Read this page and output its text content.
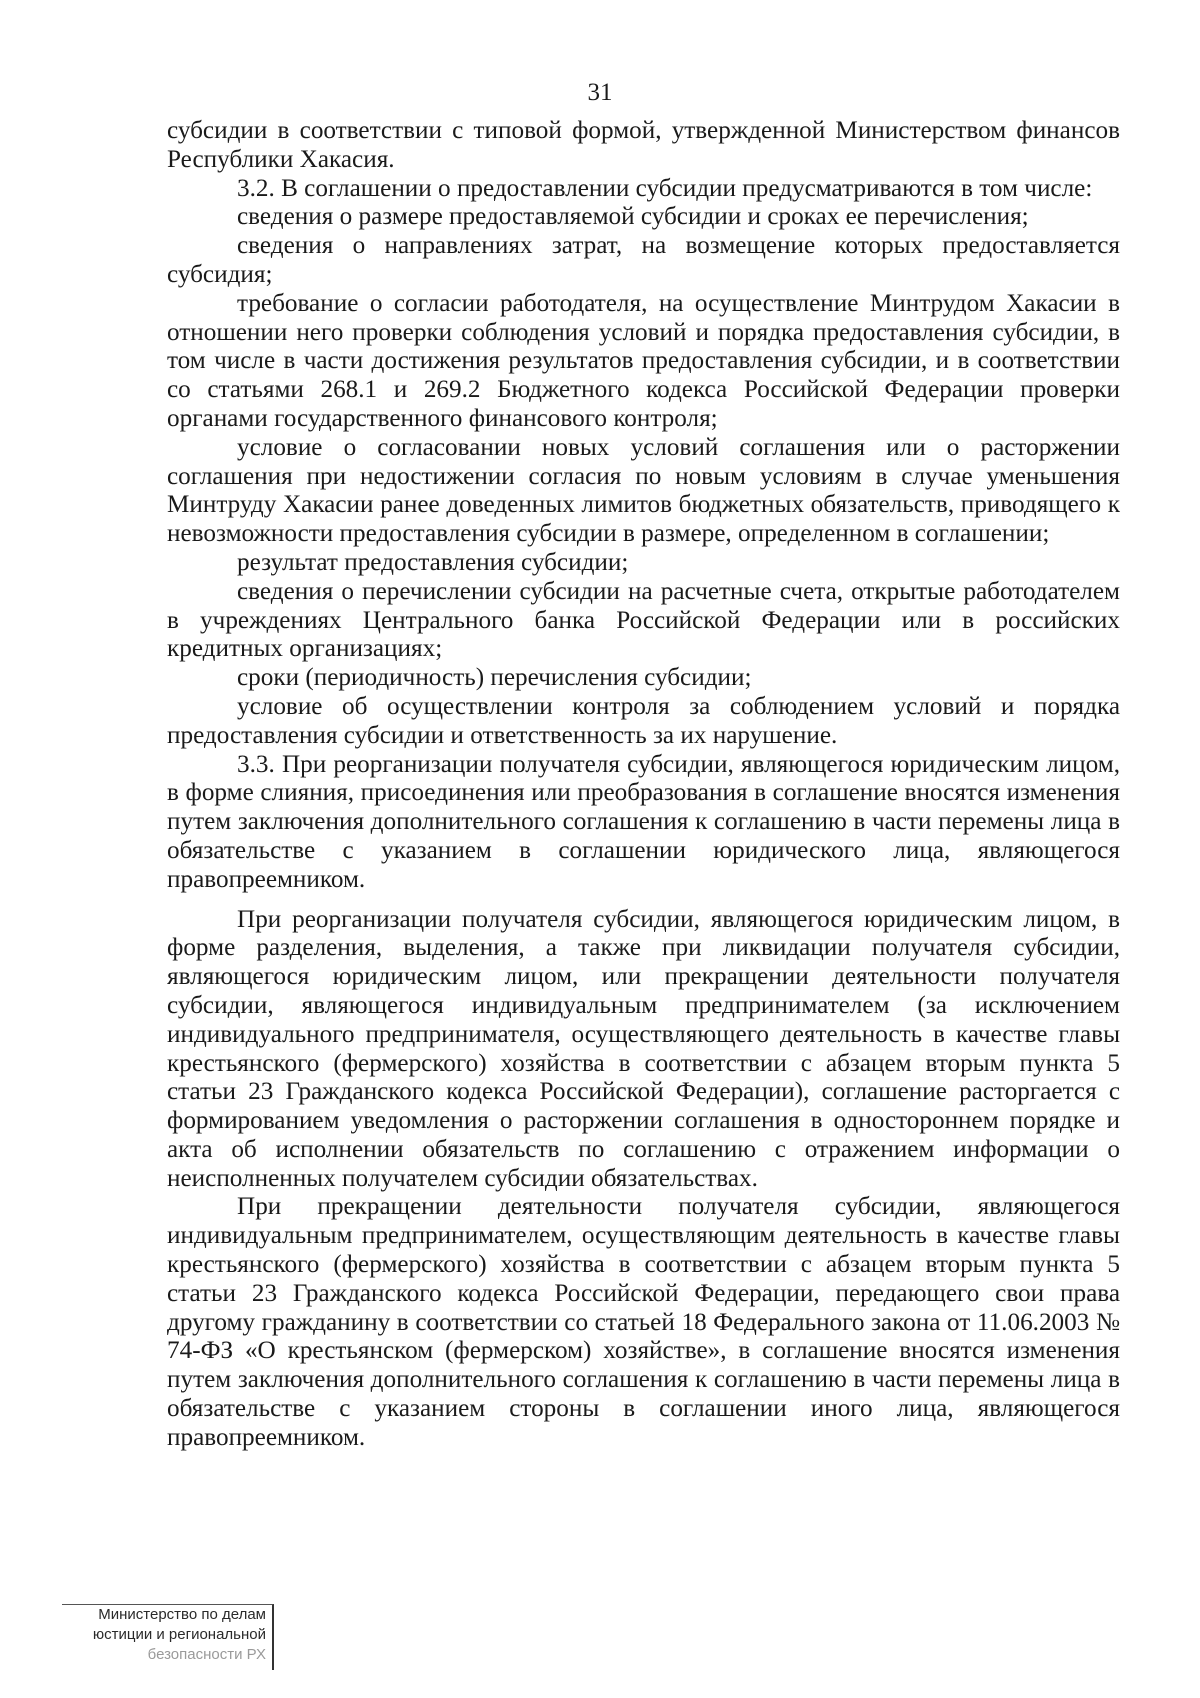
31

субсидии в соответствии с типовой формой, утвержденной Министерством финансов Республики Хакасия.

3.2. В соглашении о предоставлении субсидии предусматриваются в том числе:

сведения о размере предоставляемой субсидии и сроках ее перечисления;

сведения о направлениях затрат, на возмещение которых предоставляется субсидия;

требование о согласии работодателя, на осуществление Минтрудом Хакасии в отношении него проверки соблюдения условий и порядка предоставления субсидии, в том числе в части достижения результатов предоставления субсидии, и в соответствии со статьями 268.1 и 269.2 Бюджетного кодекса Российской Федерации проверки органами государственного финансового контроля;

условие о согласовании новых условий соглашения или о расторжении соглашения при недостижении согласия по новым условиям в случае уменьшения Минтруду Хакасии ранее доведенных лимитов бюджетных обязательств, приводящего к невозможности предоставления субсидии в размере, определенном в соглашении;

результат предоставления субсидии;

сведения о перечислении субсидии на расчетные счета, открытые работодателем в учреждениях Центрального банка Российской Федерации или в российских кредитных организациях;

сроки (периодичность) перечисления субсидии;

условие об осуществлении контроля за соблюдением условий и порядка предоставления субсидии и ответственность за их нарушение.

3.3. При реорганизации получателя субсидии, являющегося юридическим лицом, в форме слияния, присоединения или преобразования в соглашение вносятся изменения путем заключения дополнительного соглашения к соглашению в части перемены лица в обязательстве с указанием в соглашении юридического лица, являющегося правопреемником.

При реорганизации получателя субсидии, являющегося юридическим лицом, в форме разделения, выделения, а также при ликвидации получателя субсидии, являющегося юридическим лицом, или прекращении деятельности получателя субсидии, являющегося индивидуальным предпринимателем (за исключением индивидуального предпринимателя, осуществляющего деятельность в качестве главы крестьянского (фермерского) хозяйства в соответствии с абзацем вторым пункта 5 статьи 23 Гражданского кодекса Российской Федерации), соглашение расторгается с формированием уведомления о расторжении соглашения в одностороннем порядке и акта об исполнении обязательств по соглашению с отражением информации о неисполненных получателем субсидии обязательствах.

При прекращении деятельности получателя субсидии, являющегося индивидуальным предпринимателем, осуществляющим деятельность в качестве главы крестьянского (фермерского) хозяйства в соответствии с абзацем вторым пункта 5 статьи 23 Гражданского кодекса Российской Федерации, передающего свои права другому гражданину в соответствии со статьей 18 Федерального закона от 11.06.2003 № 74-ФЗ «О крестьянском (фермерском) хозяйстве», в соглашение вносятся изменения путем заключения дополнительного соглашения к соглашению в части перемены лица в обязательстве с указанием стороны в соглашении иного лица, являющегося правопреемником.

Министерство по делам
юстиции и региональной
безопасности РХ
